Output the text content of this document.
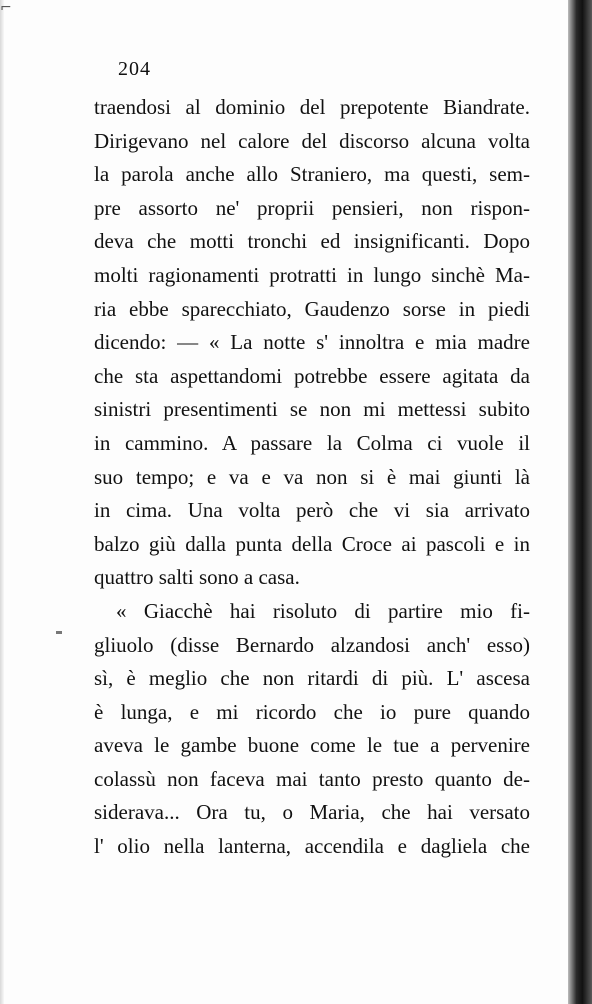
⌐
204
traendosi al dominio del prepotente Biandrate.
Dirigevano nel calore del discorso alcuna volta
la parola anche allo Straniero, ma questi, sem-
pre assorto ne' proprii pensieri, non rispon-
deva che motti tronchi ed insignificanti. Dopo
molti ragionamenti protratti in lungo sinchè Ma-
ria ebbe sparecchiato, Gaudenzo sorse in piedi
dicendo: — « La notte s' innoltra e mia madre
che sta aspettandomi potrebbe essere agitata da
sinistri presentimenti se non mi mettessi subito
in cammino. A passare la Colma ci vuole il
suo tempo; e va e va non si è mai giunti là
in cima. Una volta però che vi sia arrivato
balzo giù dalla punta della Croce ai pascoli e in
quattro salti sono a casa.
« Giacchè hai risoluto di partire mio fi-
gliuolo (disse Bernardo alzandosi anch' esso)
sì, è meglio che non ritardi di più. L' ascesa
è lunga, e mi ricordo che io pure quando
aveva le gambe buone come le tue a pervenire
colassù non faceva mai tanto presto quanto de-
siderava... Ora tu, o Maria, che hai versato
l' olio nella lanterna, accendila e dagliela che
